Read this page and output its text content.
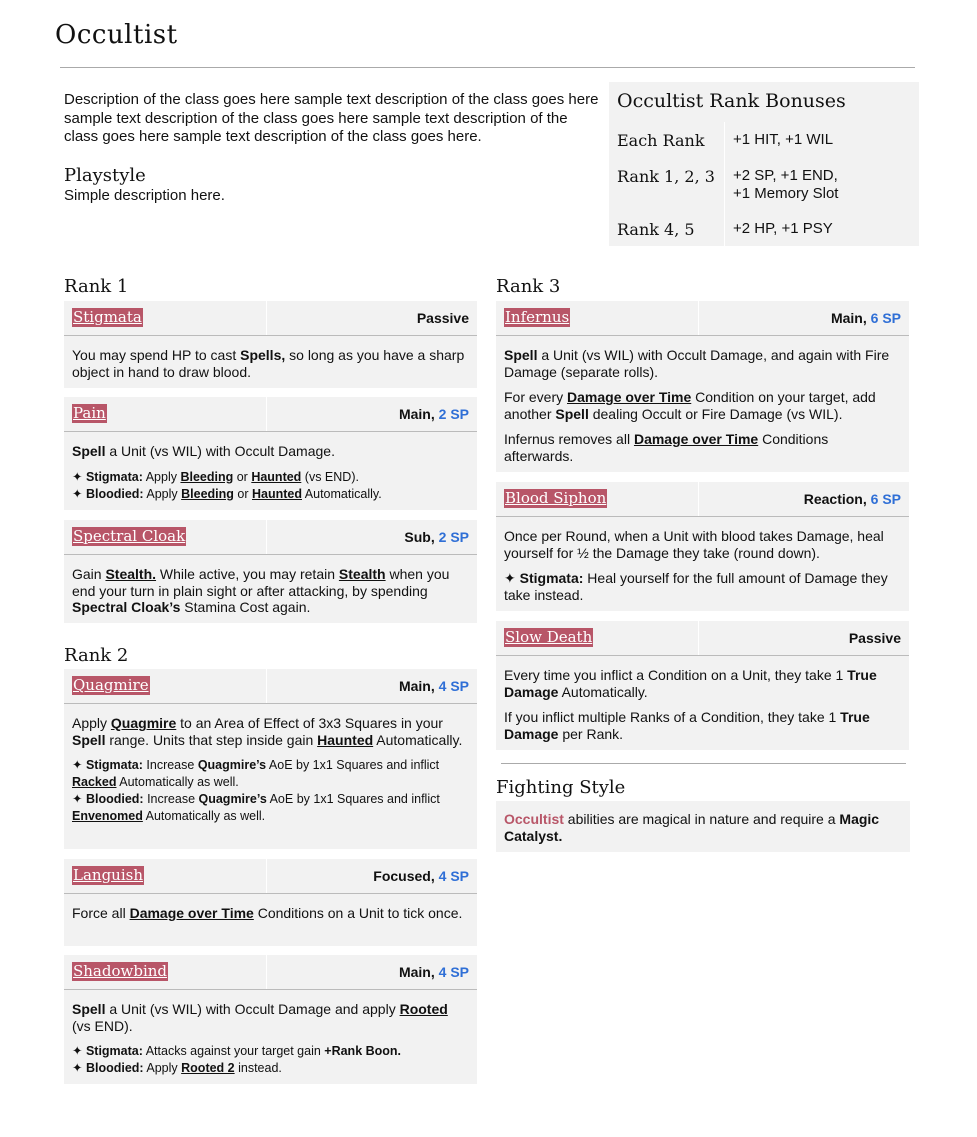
Occultist

Description of the class goes here sample text description of the class goes here sample text description of the class goes here sample text description of the class goes here sample text description of the class goes here.

Playstyle

Simple description here.

Occultist Rank Bonuses
Each Rank	+1 HIT, +1 WIL
Rank 1, 2, 3	+2 SP, +1 END,
+1 Memory Slot
Rank 4, 5	+2 HP, +1 PSY
Rank 1
Stigmata	Passive

You may spend HP to cast Spells, so long as you have a sharp object in hand to draw blood.

Pain	Main, 2 SP

Spell a Unit (vs WIL) with Occult Damage.

✦ Stigmata: Apply Bleeding or Haunted (vs END).

✦ Bloodied: Apply Bleeding or Haunted Automatically.

Spectral Cloak	Sub, 2 SP

Gain Stealth. While active, you may retain Stealth when you end your turn in plain sight or after attacking, by spending Spectral Cloak’s Stamina Cost again.

Rank 2
Quagmire	Main, 4 SP

Apply Quagmire to an Area of Effect of 3x3 Squares in your Spell range. Units that step inside gain Haunted Automatically.

✦ Stigmata: Increase Quagmire’s AoE by 1x1 Squares and inflict Racked Automatically as well.

✦ Bloodied: Increase Quagmire’s AoE by 1x1 Squares and inflict Envenomed Automatically as well.

Languish	Focused, 4 SP

Force all Damage over Time Conditions on a Unit to tick once.

Shadowbind	Main, 4 SP

Spell a Unit (vs WIL) with Occult Damage and apply Rooted (vs END).

✦ Stigmata: Attacks against your target gain +Rank Boon.

✦ Bloodied: Apply Rooted 2 instead.

Rank 3
Infernus	Main, 6 SP

Spell a Unit (vs WIL) with Occult Damage, and again with Fire Damage (separate rolls).

For every Damage over Time Condition on your target, add another Spell dealing Occult or Fire Damage (vs WIL).

Infernus removes all Damage over Time Conditions afterwards.

Blood Siphon	Reaction, 6 SP

Once per Round, when a Unit with blood takes Damage, heal yourself for ½ the Damage they take (round down).

✦ Stigmata: Heal yourself for the full amount of Damage they take instead.

Slow Death	Passive

Every time you inflict a Condition on a Unit, they take 1 True Damage Automatically.

If you inflict multiple Ranks of a Condition, they take 1 True Damage per Rank.

Fighting Style

Occultist abilities are magical in nature and require a Magic Catalyst.
